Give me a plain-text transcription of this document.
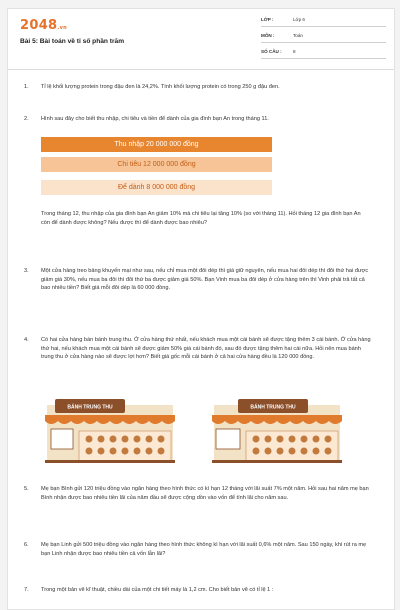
2048.vn
Bài 5: Bài toán về tỉ số phần trăm
LỚP :	Lớp 6
MÔN :	Toán
SỐ CÂU : 8
1. Tỉ lệ khối lượng protein trong đậu đen là 24,2%. Tính khối lượng protein có trong 250 g đậu đen.
2. Hình sau đây cho biết thu nhập, chi tiêu và tiền để dành của gia đình bạn An trong tháng 11.
Thu nhập 20 000 000 đồng
Chi tiêu 12 000 000 đồng
Để dành 8 000 000 đồng
Trong tháng 12, thu nhập của gia đình bạn An giảm 10% mà chi tiêu lại tăng 10% (so với tháng 11). Hỏi tháng 12 gia đình bạn An còn để dành được không? Nếu được thì để dành được bao nhiêu?
3. Một cửa hàng treo bảng khuyến mại như sau, nếu chỉ mua một đôi dép thì giá giữ nguyên, nếu mua hai đôi dép thì đôi thứ hai được giảm giá 30%, nếu mua ba đôi thì đôi thứ ba được giảm giá 50%. Bạn Vinh mua ba đôi dép ở cửa hàng trên thì Vinh phải trả tất cả bao nhiêu tiền? Biết giá mỗi đôi dép là 60 000 đồng.
4. Có hai cửa hàng bán bánh trung thu. Ở cửa hàng thứ nhất, nếu khách mua một cái bánh sẽ được tặng thêm 3 cái bánh. Ở cửa hàng thứ hai, nếu khách mua một cái bánh sẽ được giảm 50% giá cái bánh đó, sau đó được tặng thêm hai cái nữa. Hỏi nên mua bánh trung thu ở cửa hàng nào sẽ được lợi hơn? Biết giá gốc mỗi cái bánh ở cả hai cửa hàng đều là 120 000 đồng.
BÁNH TRUNG THU	BÁNH TRUNG THU
5. Mẹ bạn Bình gửi 120 triệu đồng vào ngân hàng theo hình thức có kì hạn 12 tháng với lãi suất 7% một năm. Hỏi sau hai năm mẹ bạn Bình nhận được bao nhiêu tiền lãi của năm đầu sẽ được cộng dồn vào vốn để tính lãi cho năm sau.
6. Mẹ bạn Linh gửi 500 triệu đồng vào ngân hàng theo hình thức không kì hạn với lãi suất 0,6% một năm. Sau 150 ngày, khi rút ra mẹ bạn Linh nhận được bao nhiêu tiền cả vốn lẫn lãi?
7. Trong một bản vẽ kĩ thuật, chiều dài của một chi tiết máy là 1,2 cm. Cho biết bản vẽ có tỉ lệ 1 :
